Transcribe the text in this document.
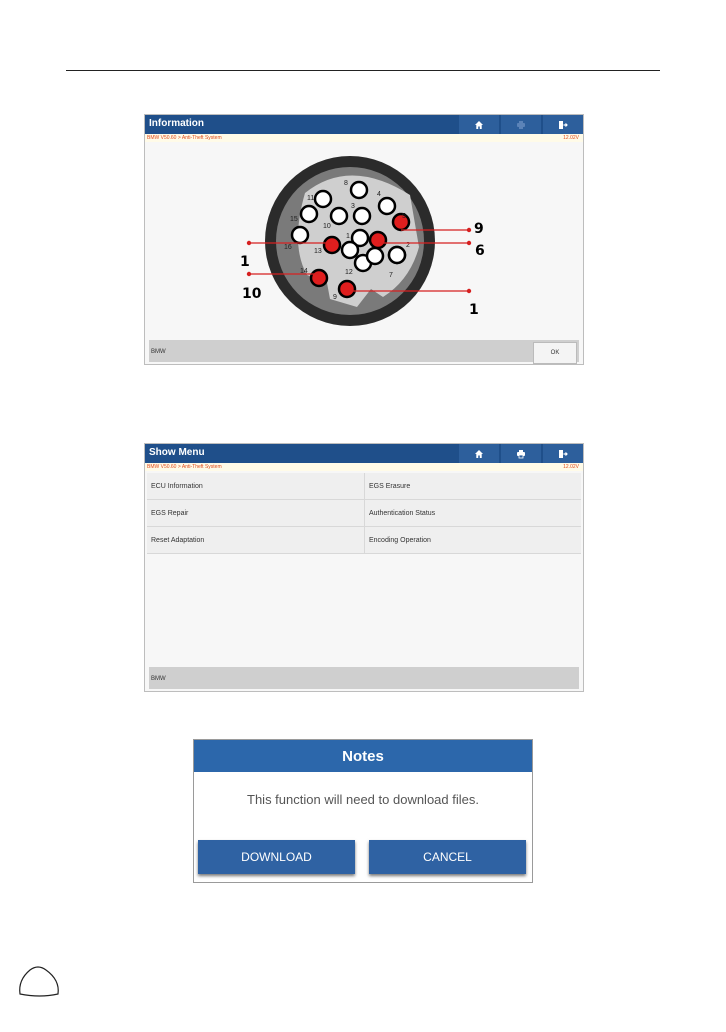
Information
BMW V50.60 > Anti-Theft System	12.02V
8
4
11
3
5
15
10
1
2
16
13
7
14	12
9
9
6
1
10
1
BMW	OK
Show Menu
BMW V50.60 > Anti-Theft System	12.02V
ECU Information	EGS Erasure
EGS Repair	Authentication Status
Reset Adaptation	Encoding Operation
BMW
Notes
This function will need to download files.
DOWNLOAD	CANCEL
